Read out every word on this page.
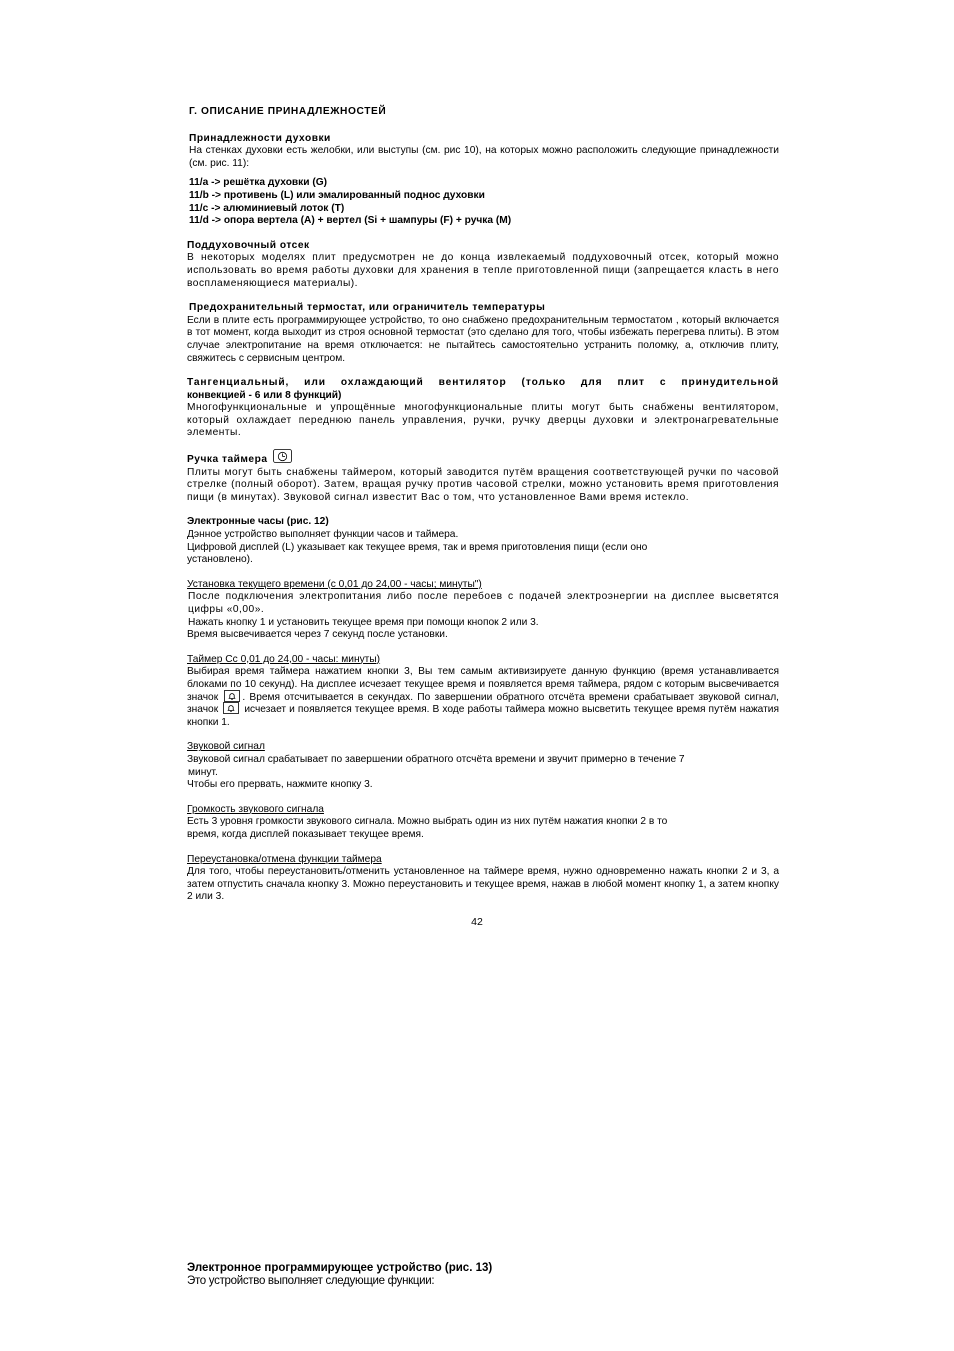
Г. ОПИСАНИЕ ПРИНАДЛЕЖНОСТЕЙ
Принадлежности духовки
На стенках духовки есть желобки, или выступы (см. рис 10), на которых можно расположить следующие принадлежности (см. рис. 11):
11/a -> решётка духовки (G)
11/b -> противень (L) или эмалированный поднос духовки
11/c -> алюминиевый лоток (T)
11/d -> опора вертела (A) + вертел (Si + шампуры (F) + ручка (M)
Поддуховочный отсек
В некоторых моделях плит предусмотрен не до конца извлекаемый поддуховочный отсек, который можно использовать во время работы духовки для хранения в тепле приготовленной пищи (запрещается класть в него воспламеняющиеся материалы).
Предохранительный термостат, или ограничитель температуры
Если в плите есть программирующее устройство, то оно снабжено предохранительным термостатом , который включается в тот момент, когда выходит из строя основной термостат (это сделано для того, чтобы избежать перегрева плиты). В этом случае электропитание на время отключается: не пытайтесь самостоятельно устранить поломку, а, отключив плиту, свяжитесь с сервисным центром.
Тангенциальный, или охлаждающий вентилятор (только для плит с принудительной
конвекцией - 6 или 8 функций)
Многофункциональные и упрощённые многофункциональные плиты могут быть снабжены вентилятором, который охлаждает переднюю панель управления, ручки, ручку дверцы духовки и электронагревательные элементы.
Ручка таймера
Плиты могут быть снабжены таймером, который заводится путём вращения соответствующей ручки по часовой стрелке (полный оборот). Затем, вращая ручку против часовой стрелки, можно установить время приготовления пищи (в минутах). Звуковой сигнал известит Вас о том, что установленное Вами время истекло.
Электронные часы (рис. 12)
Дэнное устройство выполняет функции часов и таймера.
Цифровой дисплей (L) указывает как текущее время, так и время приготовления пищи (если оно
установлено).
Установка текущего времени (с 0,01 до 24,00 - часы; минуты")
После подключения электропитания либо после перебоев с подачей электроэнергии на дисплее высветятся цифры «0,00».
Нажать кнопку 1 и установить текущее время при помощи кнопок 2 или 3.
Время высвечивается через 7 секунд после установки.
Таймер Сс 0,01 до 24,00 - часы: минуты)
Выбирая время таймера нажатием кнопки 3, Вы тем самым активизируете данную функцию (время устанавливается блоками по 10 секунд). На дисплее исчезает текущее время и появляется время таймера, рядом с которым высвечивается значок . Время отсчитывается в секундах. По завершении обратного отсчёта времени срабатывает звуковой сигнал, значок	исчезает и появляется текущее время. В ходе работы таймера можно высветить текущее время путём нажатия кнопки 1.
Звуковой сигнал
Звуковой сигнал срабатывает по завершении обратного отсчёта времени и звучит примерно в течение 7
минут.
Чтобы его прервать, нажмите кнопку 3.
Громкость звукового сигнала
Есть 3 уровня громкости звукового сигнала. Можно выбрать один из них путём нажатия кнопки 2 в то
время, когда дисплей показывает текущее время.
Переустановка/отмена функции таймера
Для того, чтобы переустановить/отменить установленное на таймере время, нужно одновременно нажать кнопки 2 и 3, а затем отпустить сначала кнопку 3. Можно переустановить и текущее время, нажав в любой момент кнопку 1, а затем кнопку 2 или 3.
42
Электронное программирующее устройство (рис. 13)
Это устройство выполняет следующие функции:
